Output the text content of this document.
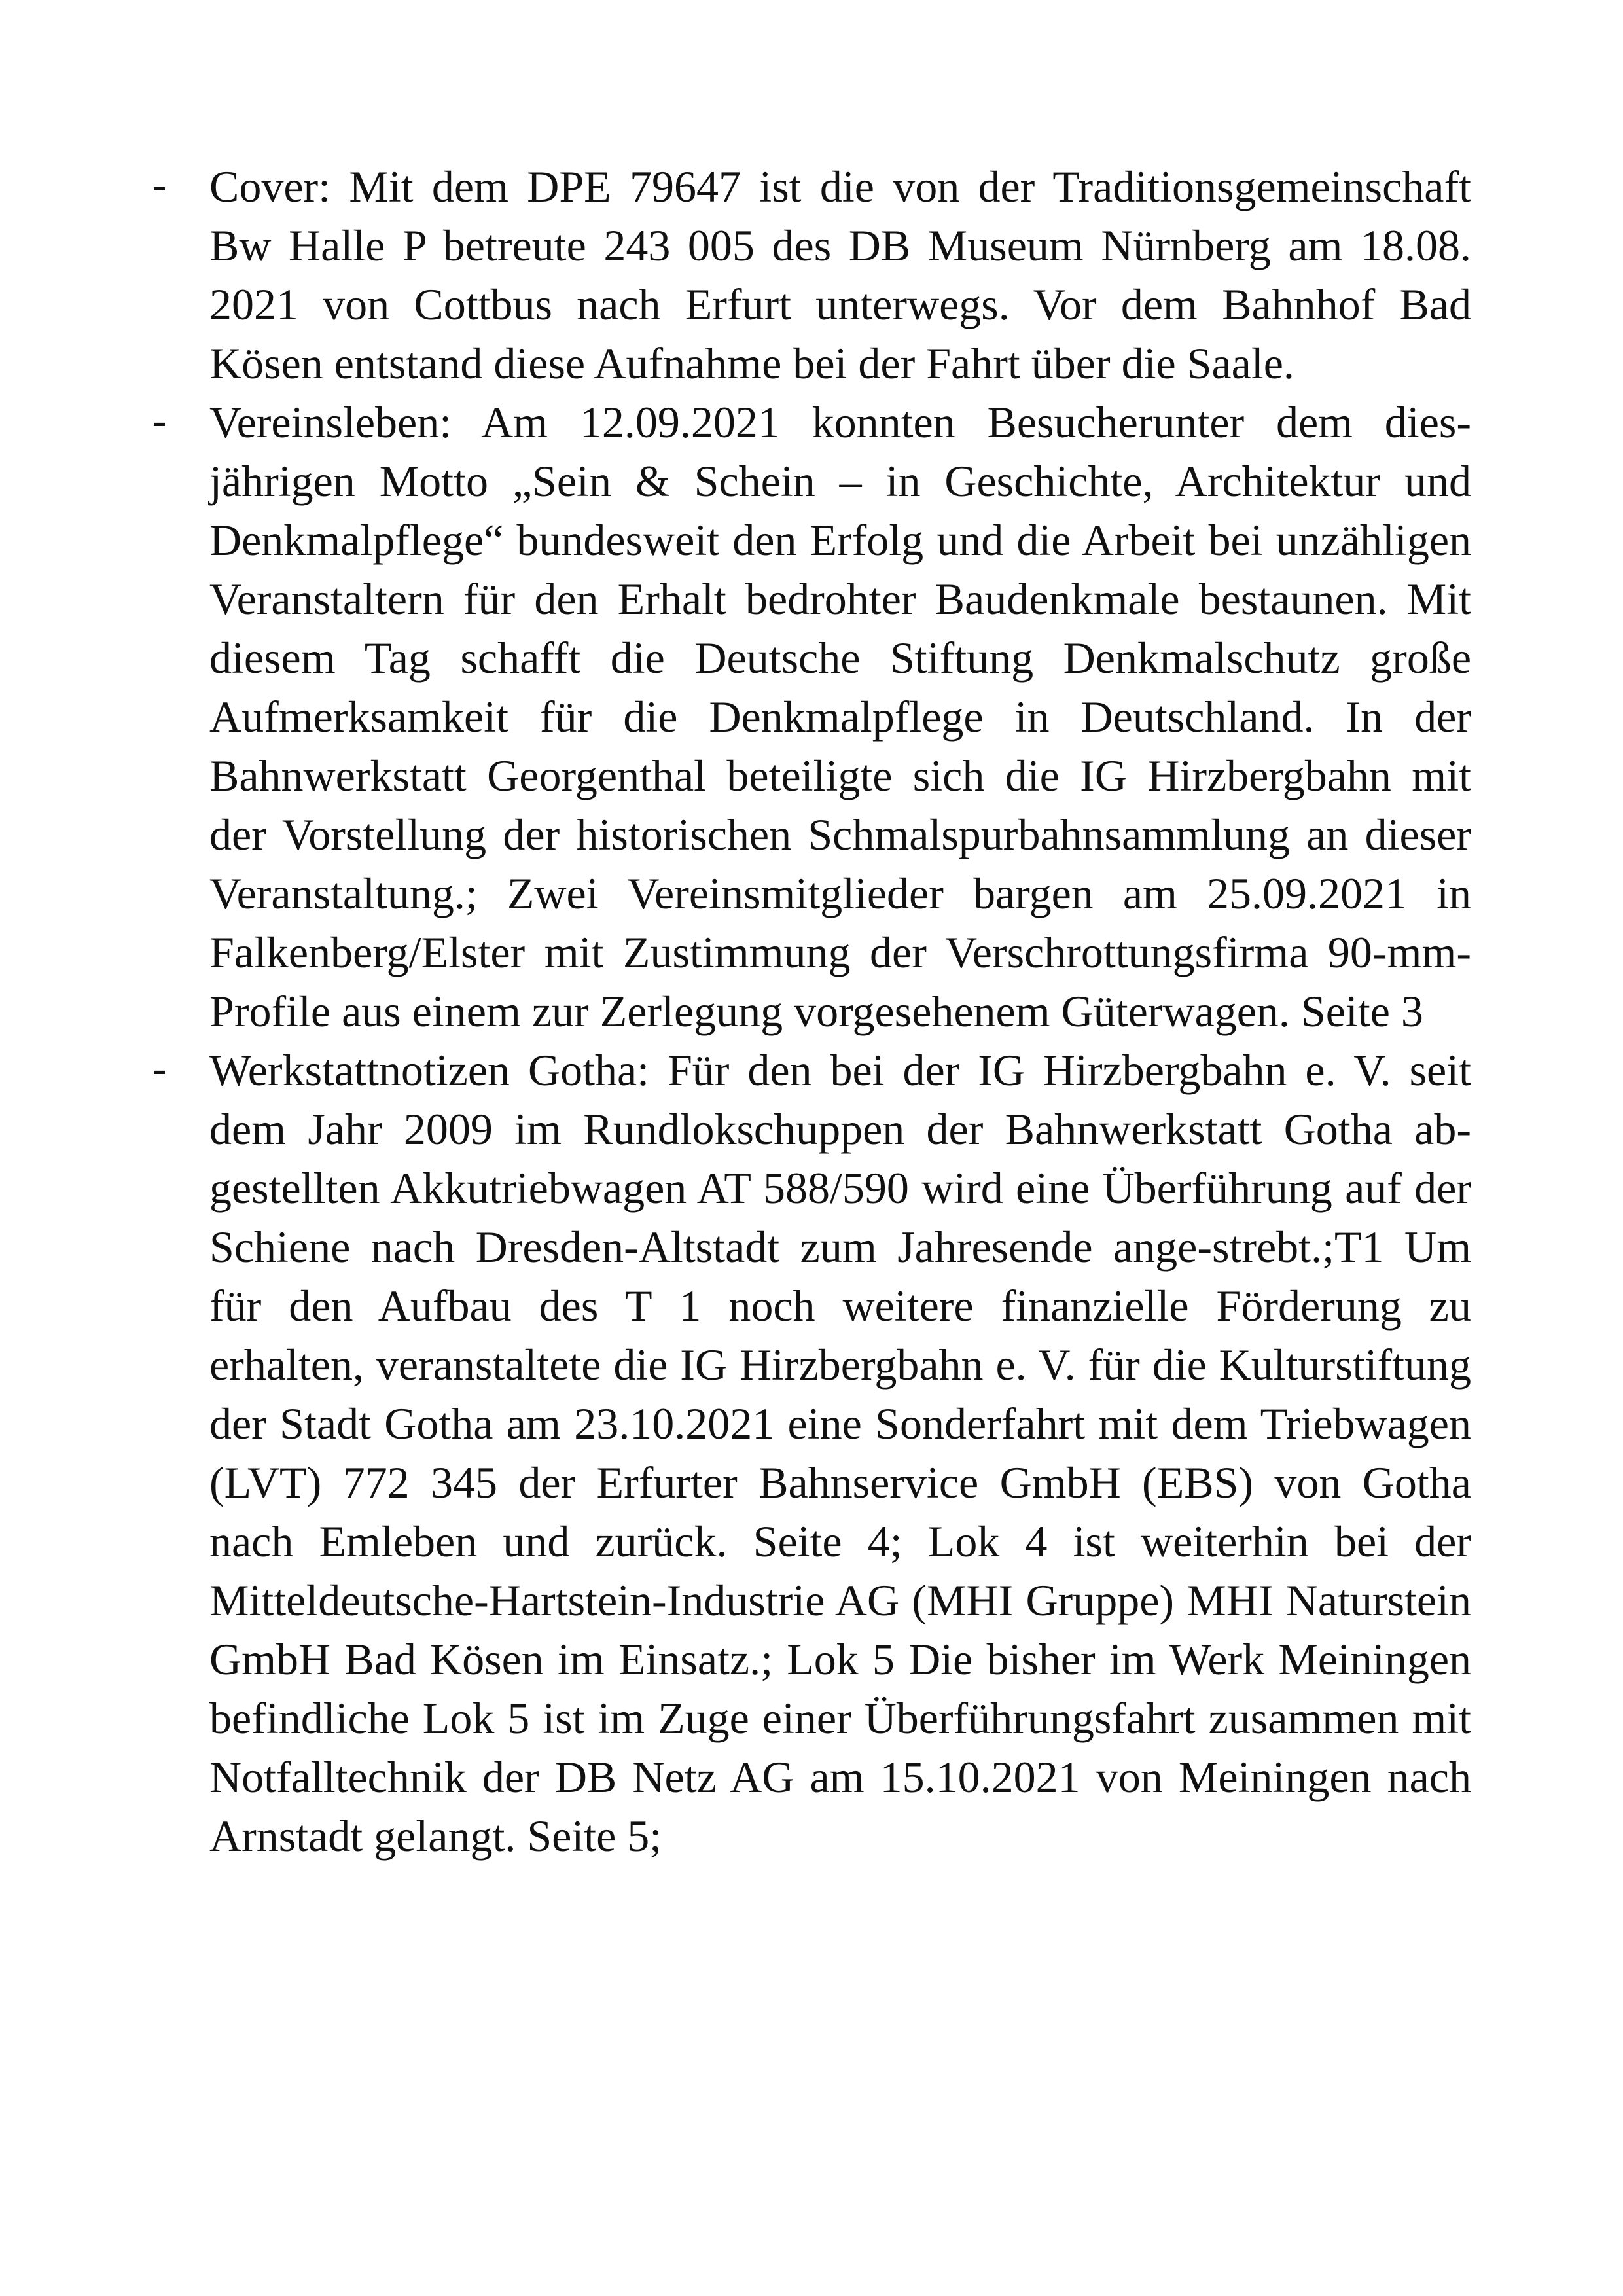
- Cover: Mit dem DPE 79647 ist die von der Traditionsgemeinschaft Bw Halle P betreute 243 005 des DB Museum Nürnberg am 18.08. 2021 von Cottbus nach Erfurt unterwegs. Vor dem Bahnhof Bad Kösen entstand diese Aufnahme bei der Fahrt über die Saale.

- Vereinsleben: Am 12.09.2021 konnten Besucherunter dem diesjährigen Motto „Sein & Schein – in Geschichte, Architektur und Denkmalpflege“ bundesweit den Erfolg und die Arbeit bei unzähligen Veranstaltern für den Erhalt bedrohter Baudenkmale bestaunen. Mit diesem Tag schafft die Deutsche Stiftung Denkmalschutz große Aufmerksamkeit für die Denkmalpflege in Deutschland. In der Bahnwerkstatt Georgenthal beteiligte sich die IG Hirzbergbahn mit der Vorstellung der historischen Schmalspurbahnsammlung an dieser Veranstaltung.; Zwei Vereinsmitglieder bargen am 25.09.2021 in Falkenberg/Elster mit Zustimmung der Verschrottungsfirma 90-mm-Profile aus einem zur Zerlegung vorgesehenem Güterwagen. Seite 3

- Werkstattnotizen Gotha: Für den bei der IG Hirzbergbahn e. V. seit dem Jahr 2009 im Rundlokschuppen der Bahnwerkstatt Gotha abgestellten Akkutriebwagen AT 588/590 wird eine Überführung auf der Schiene nach Dresden-Altstadt zum Jahresende ange-strebt.;T1 Um für den Aufbau des T 1 noch weitere finanzielle Förderung zu erhalten, veranstaltete die IG Hirzbergbahn e. V. für die Kulturstiftung der Stadt Gotha am 23.10.2021 eine Sonderfahrt mit dem Triebwagen (LVT) 772 345 der Erfurter Bahnservice GmbH (EBS) von Gotha nach Emleben und zurück. Seite 4; Lok 4 ist weiterhin bei der Mitteldeutsche-Hartstein-Industrie AG (MHI Gruppe) MHI Naturstein GmbH Bad Kösen im Einsatz.; Lok 5 Die bisher im Werk Meiningen befindliche Lok 5 ist im Zuge einer Überführungsfahrt zusammen mit Notfalltechnik der DB Netz AG am 15.10.2021 von Meiningen nach Arnstadt gelangt. Seite 5;
